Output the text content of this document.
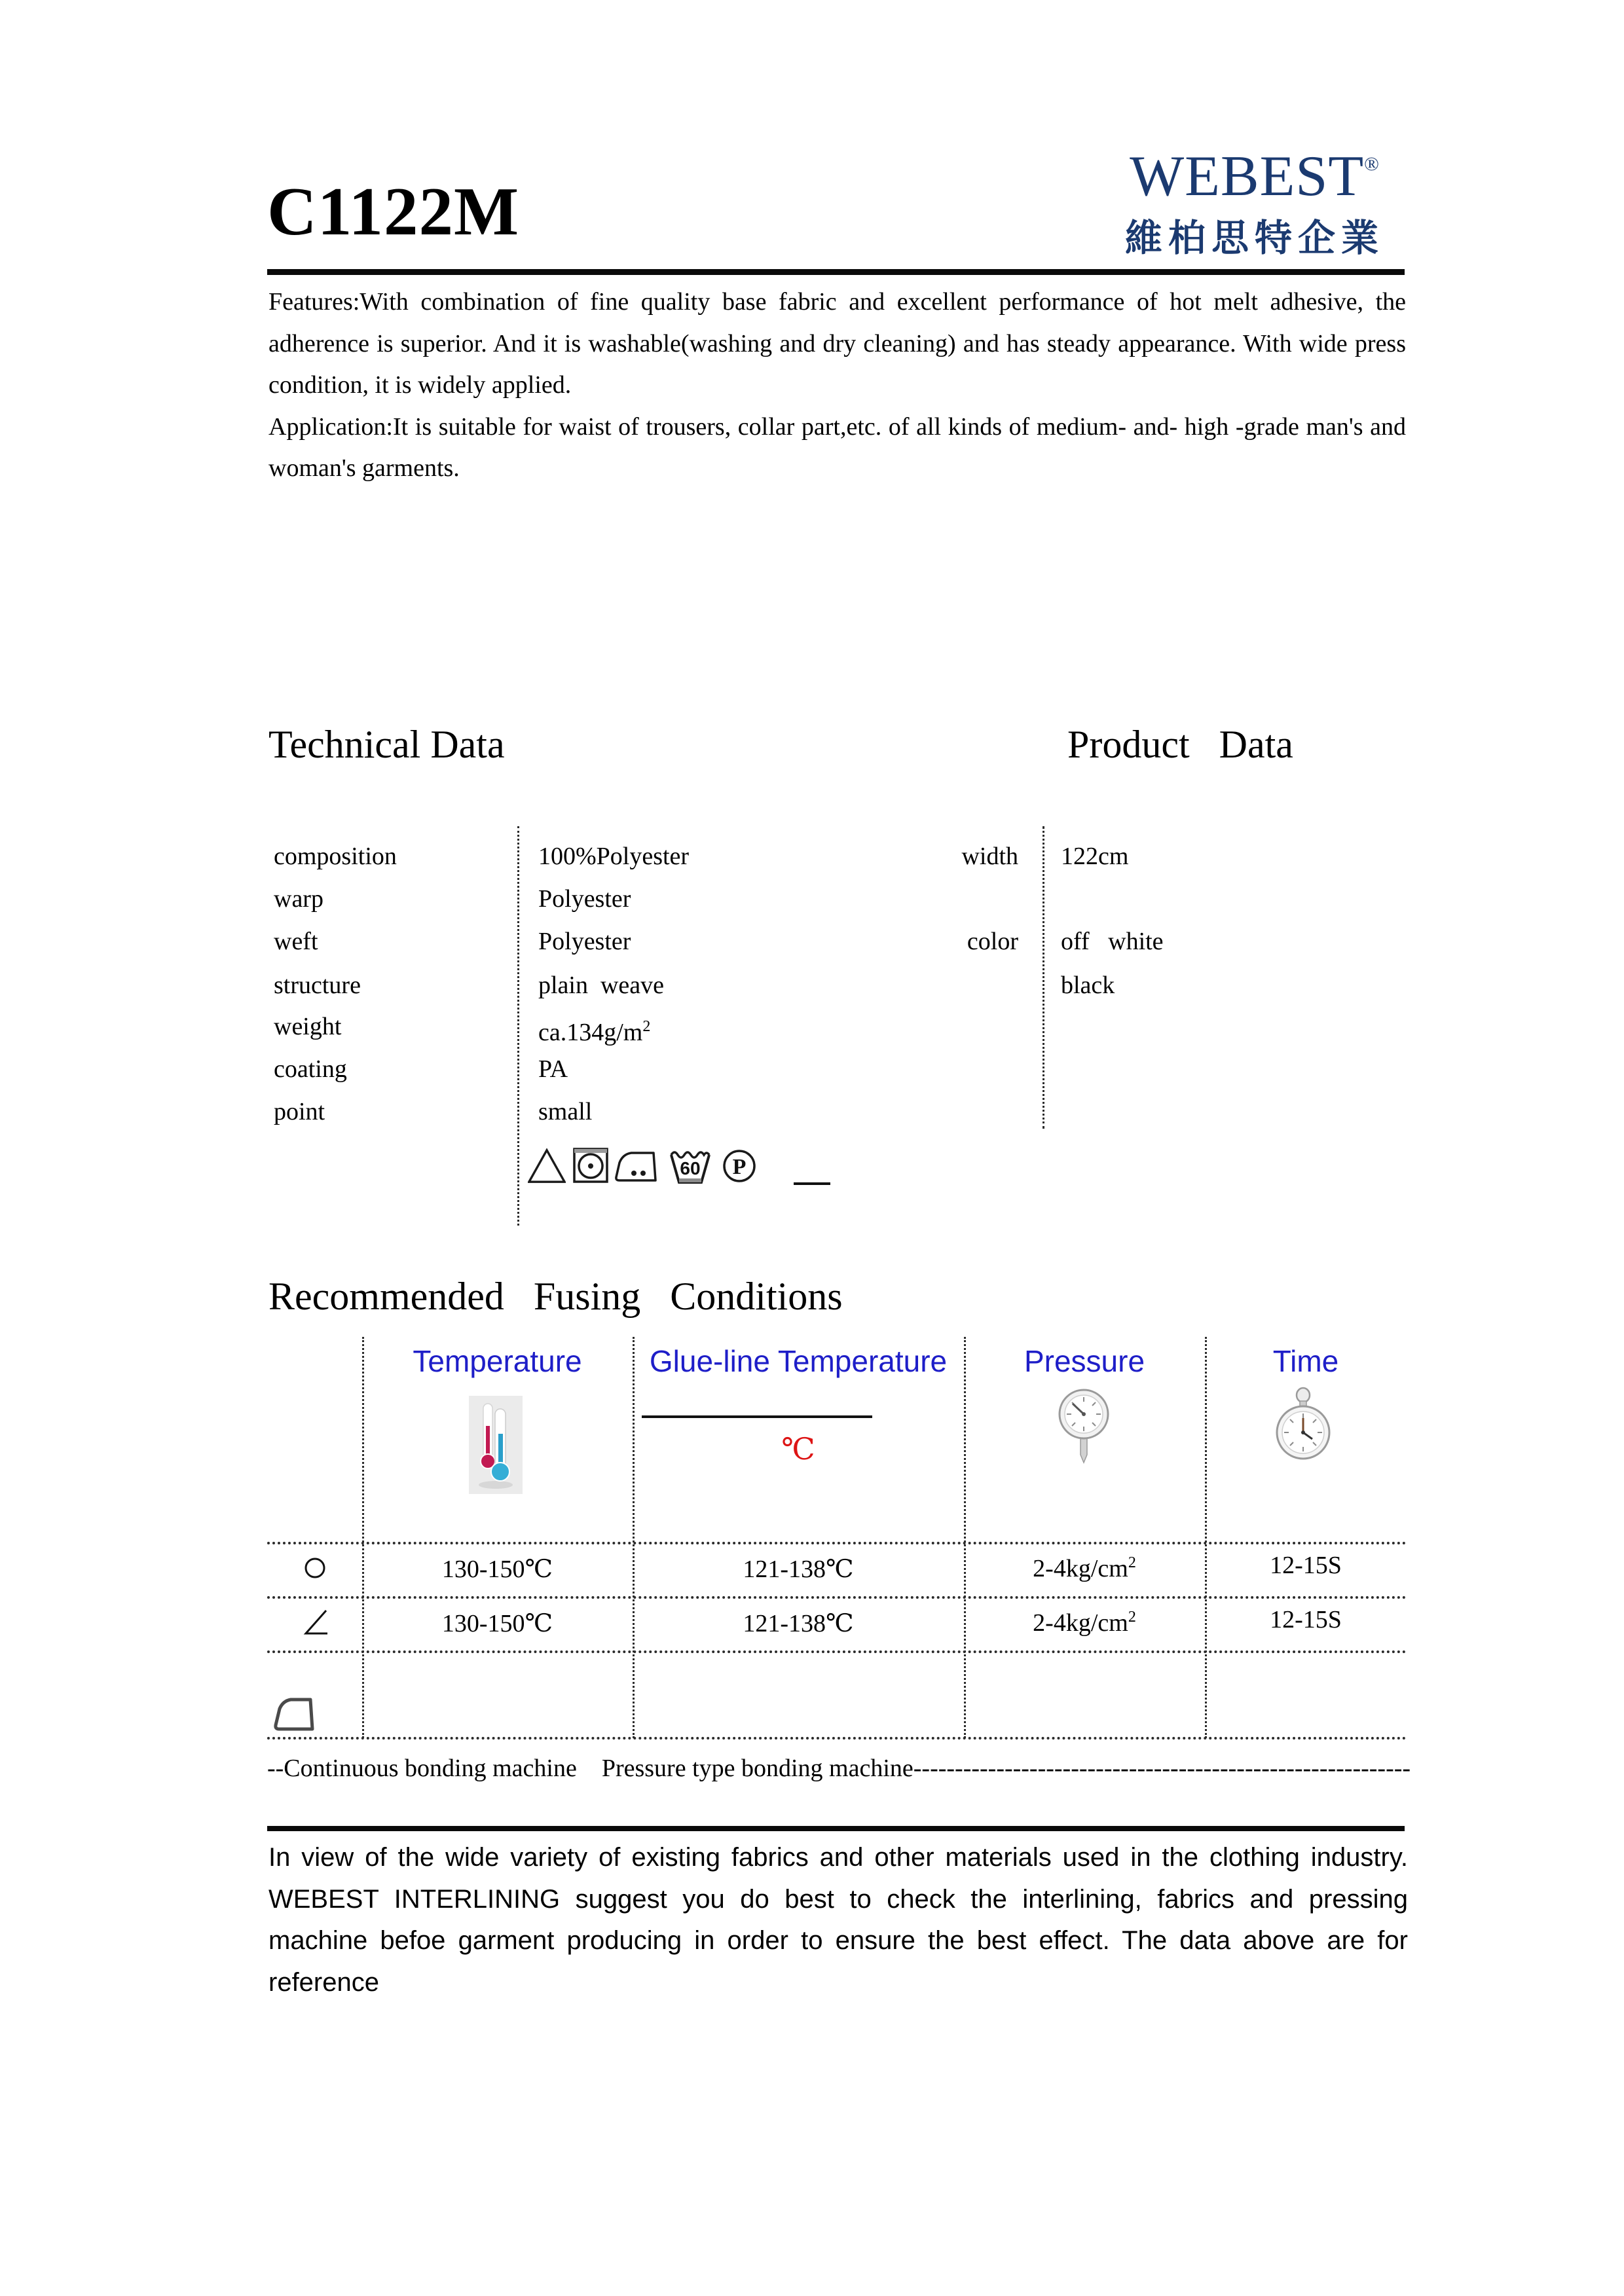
C1122M	WEBEST®
維柏思特企業

Features:With combination of fine quality base fabric and excellent performance of hot melt adhesive, the adherence is superior. And it is washable(washing and dry cleaning) and has steady appearance. With wide press condition, it is widely applied.

Application:It is suitable for waist of trousers, collar part,etc. of all kinds of medium- and- high -grade man's and woman's garments.

Technical Data	Product   Data
composition	100%Polyester
warp	Polyester
weft	Polyester
structure	plain  weave
weight	$ca.134g/m^2$
coating	PA
point	small
60 P
width 122cm
color off   white
black
Recommended   Fusing   Conditions
Temperature	Glue-line Temperature	Pressure	Time
℃
130-150℃	121-138℃	$2-4kg/cm^2$	12-15S
130-150℃	121-138℃	$2-4kg/cm^2$	12-15S
--Continuous bonding machine    Pressure type bonding machine------------------------------------------------------------
In view of the wide variety of existing fabrics and other materials used in the clothing industry. WEBEST INTERLINING suggest you do best to check the interlining, fabrics and pressing machine befoe garment producing in order to ensure the best effect. The data above are for reference
